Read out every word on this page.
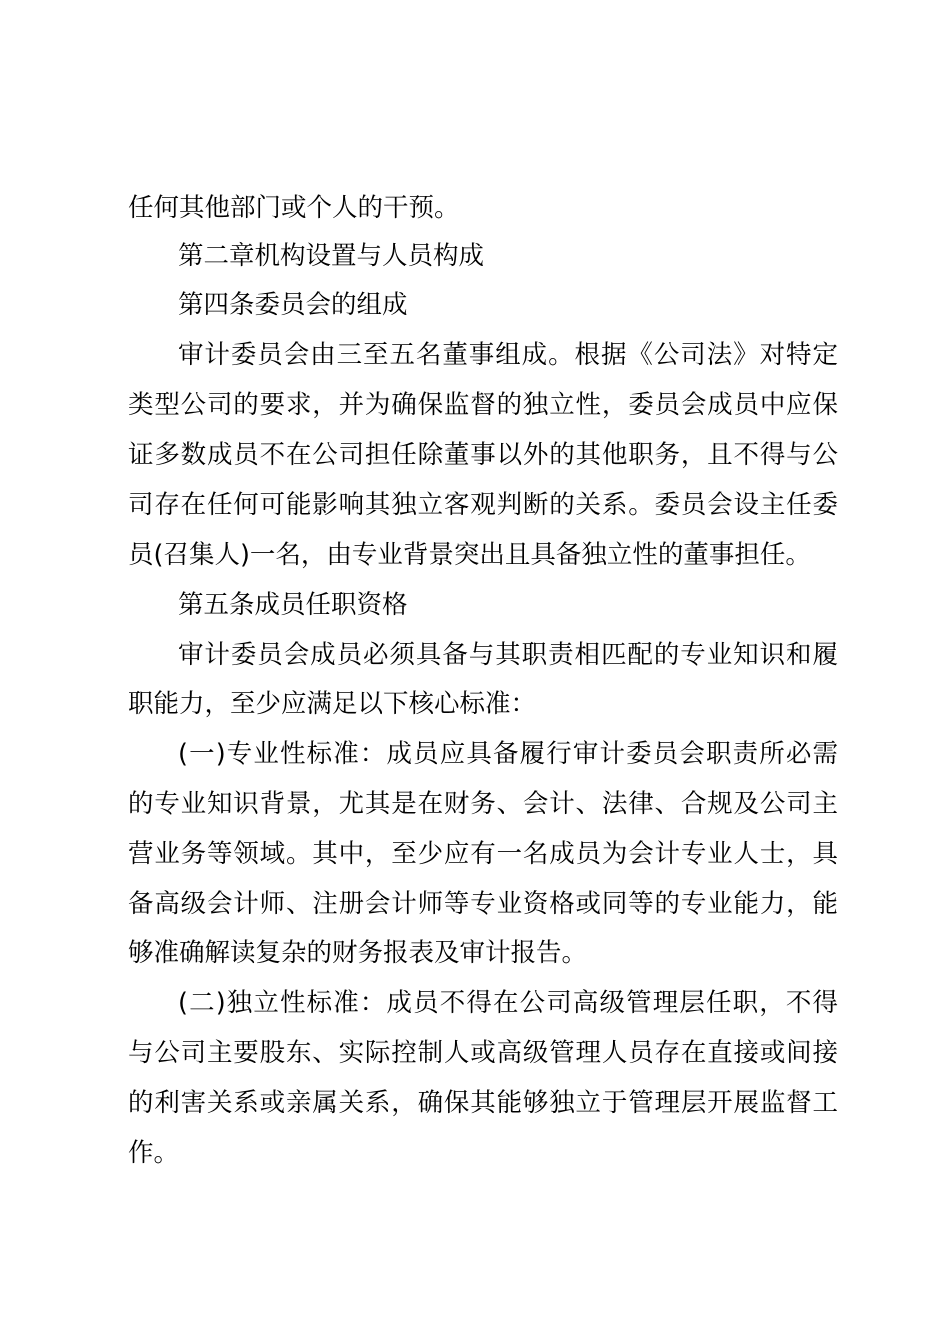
任何其他部门或个人的干预。
第二章机构设置与人员构成
第四条委员会的组成
审计委员会由三至五名董事组成。根据《公司法》对特定
类型公司的要求，并为确保监督的独立性，委员会成员中应保
证多数成员不在公司担任除董事以外的其他职务，且不得与公
司存在任何可能影响其独立客观判断的关系。委员会设主任委
员(召集人)一名，由专业背景突出且具备独立性的董事担任。
第五条成员任职资格
审计委员会成员必须具备与其职责相匹配的专业知识和履
职能力，至少应满足以下核心标准：
(一)专业性标准：成员应具备履行审计委员会职责所必需
的专业知识背景，尤其是在财务、会计、法律、合规及公司主
营业务等领域。其中，至少应有一名成员为会计专业人士，具
备高级会计师、注册会计师等专业资格或同等的专业能力，能
够准确解读复杂的财务报表及审计报告。
(二)独立性标准：成员不得在公司高级管理层任职，不得
与公司主要股东、实际控制人或高级管理人员存在直接或间接
的利害关系或亲属关系，确保其能够独立于管理层开展监督工
作。
